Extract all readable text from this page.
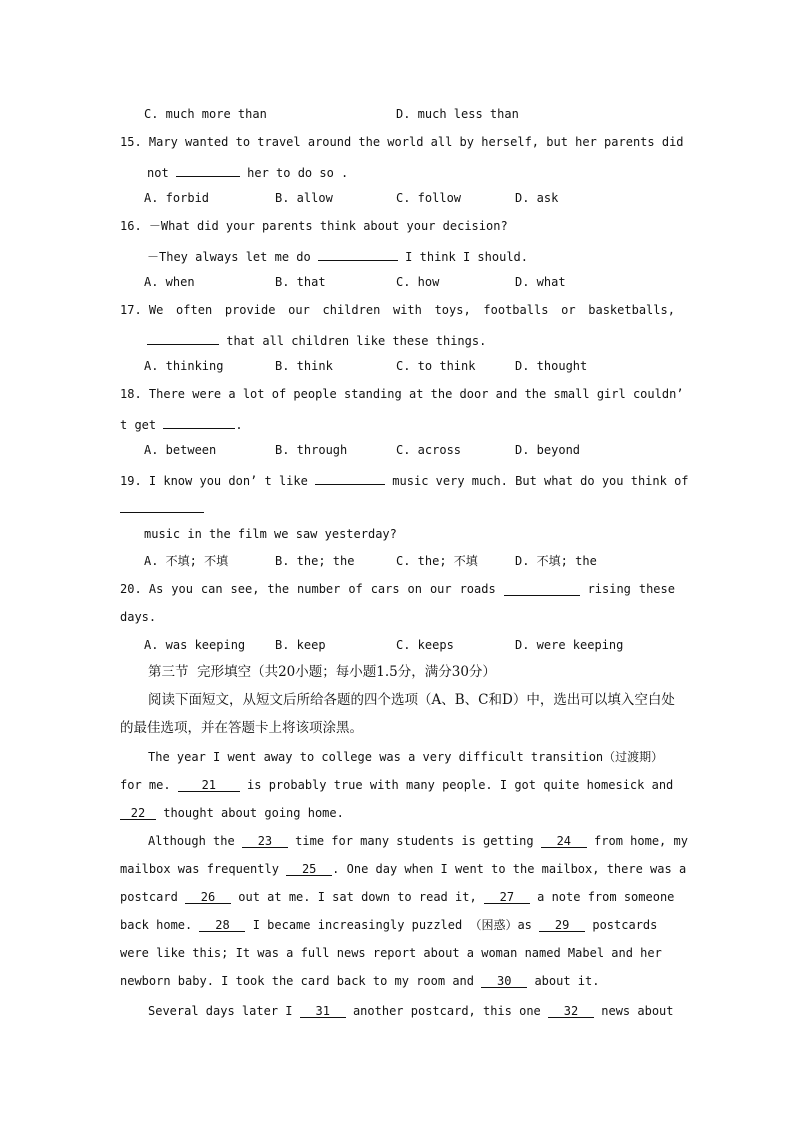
C. much more than	D. much less than
15. Mary wanted to travel around the world all by herself, but her parents did
not	her to do so .
A. forbid	B. allow	C. follow	D. ask
16. －What did your parents think about your decision?
－They always let me do	I think I should.
A. when	B. that	C. how	D. what
17. We often provide our children with toys, footballs or basketballs,
that all children like these things.
A. thinking	B. think	C. to think	D. thought
18. There were a lot of people standing at the door and the small girl couldn’
t get	.
A. between	B. through	C. across	D. beyond
19. I know you don’ t like	music very much. But what do you think of
music in the film we saw yesterday?
A. 不填; 不填	B. the; the	C. the; 不填	D. 不填; the
20. As you can see, the number of cars on our roads	rising these
days.
A. was keeping B. keep	C. keeps	D. were keeping
第三节  完形填空（共20小题；每小题1.5分，满分30分）
阅读下面短文，从短文后所给各题的四个选项（A、B、C和D）中，选出可以填入空白处
的最佳选项，并在答题卡上将该项涂黑。
The year I went away to college was a very difficult transition（过渡期）
for me. 21 is probably true with many people. I got quite homesick and
22 thought about going home.
Although the 23 time for many students is getting 24 from home, my
mailbox was frequently 25 . One day when I went to the mailbox, there was a
postcard 26 out at me. I sat down to read it, 27 a note from someone
back home. 28 I became increasingly puzzled （困惑）as 29 postcards
were like this; It was a full news report about a woman named Mabel and her
newborn baby. I took the card back to my room and 30 about it.
Several days later I 31 another postcard, this one 32 news about
